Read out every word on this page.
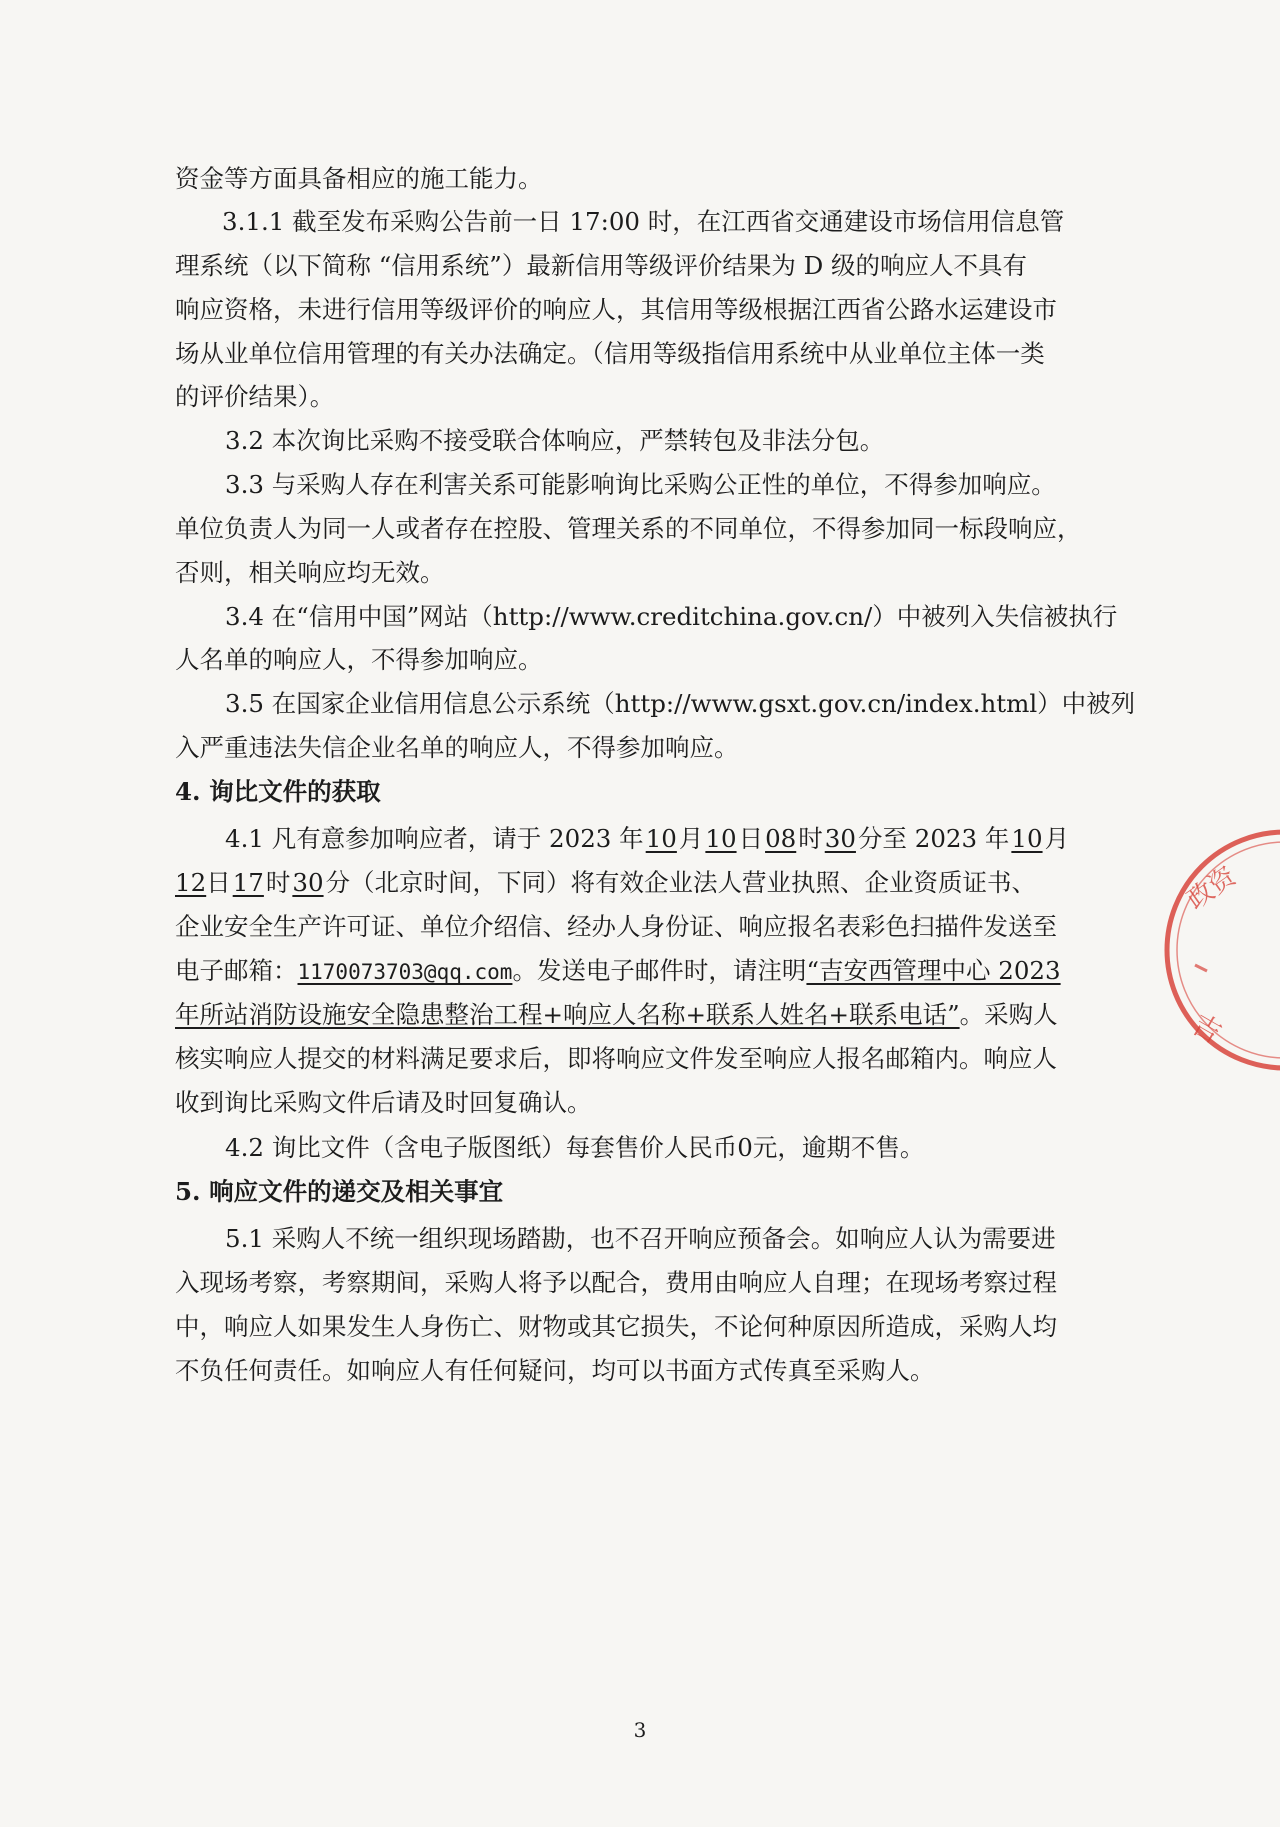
资金等方面具备相应的施工能力。
3.1.1 截至发布采购公告前一日 17:00 时，在江西省交通建设市场信用信息管
理系统（以下简称 “信用系统”）最新信用等级评价结果为 D 级的响应人不具有
响应资格，未进行信用等级评价的响应人，其信用等级根据江西省公路水运建设市
场从业单位信用管理的有关办法确定。（信用等级指信用系统中从业单位主体一类
的评价结果）。
3.2 本次询比采购不接受联合体响应，严禁转包及非法分包。
3.3 与采购人存在利害关系可能影响询比采购公正性的单位，不得参加响应。
单位负责人为同一人或者存在控股、管理关系的不同单位，不得参加同一标段响应，
否则，相关响应均无效。
3.4 在“信用中国”网站（http://www.creditchina.gov.cn/）中被列入失信被执行
人名单的响应人，不得参加响应。
3.5 在国家企业信用信息公示系统（http://www.gsxt.gov.cn/index.html）中被列
入严重违法失信企业名单的响应人，不得参加响应。
4. 询比文件的获取
4.1 凡有意参加响应者，请于 2023 年10月10日08时30分至 2023 年10月
12日17时30分（北京时间，下同）将有效企业法人营业执照、企业资质证书、
企业安全生产许可证、单位介绍信、经办人身份证、响应报名表彩色扫描件发送至
电子邮箱：1170073703@qq.com。发送电子邮件时，请注明“吉安西管理中心 2023
年所站消防设施安全隐患整治工程+响应人名称+联系人姓名+联系电话”。采购人
核实响应人提交的材料满足要求后，即将响应文件发至响应人报名邮箱内。响应人
收到询比采购文件后请及时回复确认。
4.2 询比文件（含电子版图纸）每套售价人民币0元，逾期不售。
5. 响应文件的递交及相关事宜
5.1 采购人不统一组织现场踏勘，也不召开响应预备会。如响应人认为需要进
入现场考察，考察期间，采购人将予以配合，费用由响应人自理；在现场考察过程
中，响应人如果发生人身伤亡、财物或其它损失，不论何种原因所造成，采购人均
不负任何责任。如响应人有任何疑问，均可以书面方式传真至采购人。
3
政资
吉
